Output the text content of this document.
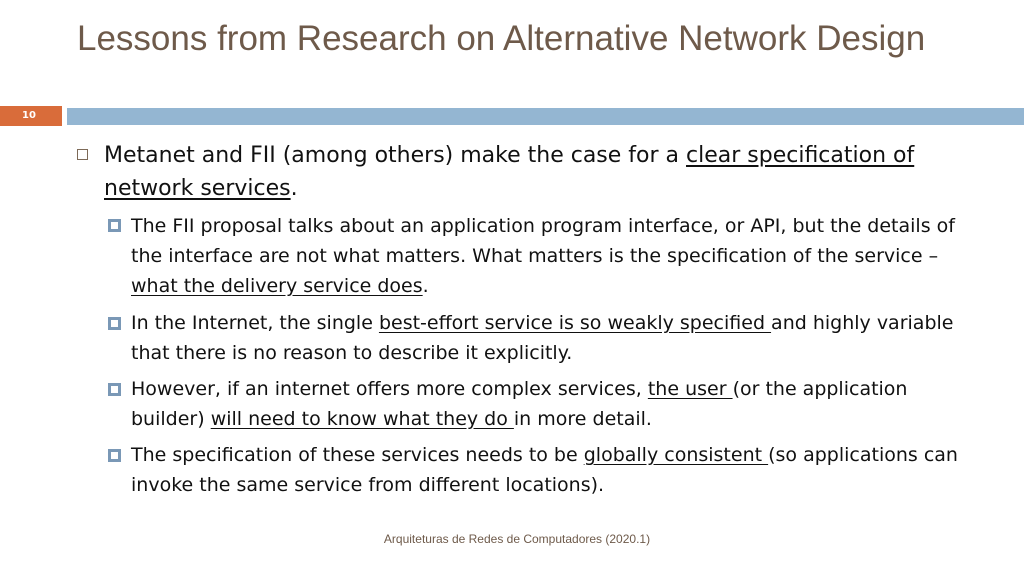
Lessons from Research on Alternative Network Design
10
Metanet and FII (among others) make the case for a clear specification of network services.
The FII proposal talks about an application program interface, or API, but the details of the interface are not what matters. What matters is the specification of the service – what the delivery service does.
In the Internet, the single best-effort service is so weakly specified and highly variable that there is no reason to describe it explicitly.
However, if an internet offers more complex services, the user (or the application builder) will need to know what they do in more detail.
The specification of these services needs to be globally consistent (so applications can invoke the same service from different locations).
Arquiteturas de Redes de Computadores (2020.1)
